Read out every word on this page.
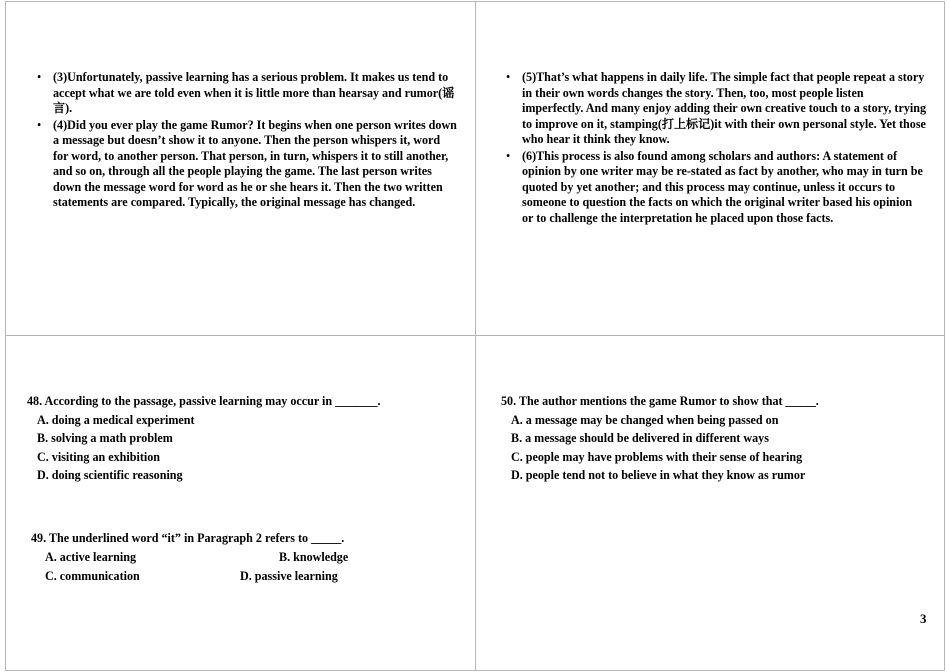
• (3)Unfortunately, passive learning has a serious problem. It makes us tend to accept what we are told even when it is little more than hearsay and rumor(谣言).
• (4)Did you ever play the game Rumor? It begins when one person writes down a message but doesn’t show it to anyone. Then the person whispers it, word for word, to another person. That person, in turn, whispers it to still another, and so on, through all the people playing the game. The last person writes down the message word for word as he or she hears it. Then the two written statements are compared. Typically, the original message has changed.
• (5)That’s what happens in daily life. The simple fact that people repeat a story in their own words changes the story. Then, too, most people listen imperfectly. And many enjoy adding their own creative touch to a story, trying to improve on it, stamping(打上标记)it with their own personal style. Yet those who hear it think they know.
• (6)This process is also found among scholars and authors: A statement of opinion by one writer may be re-stated as fact by another, who may in turn be quoted by yet another; and this process may continue, unless it occurs to someone to question the facts on which the original writer based his opinion or to challenge the interpretation he placed upon those facts.
48. According to the passage, passive learning may occur in _______.
A. doing a medical experiment
B. solving a math problem
C. visiting an exhibition
D. doing scientific reasoning
49. The underlined word “it” in Paragraph 2 refers to _____.
A. active learning	B. knowledge
C. communication	D. passive learning
50. The author mentions the game Rumor to show that _____.
A. a message may be changed when being passed on
B. a message should be delivered in different ways
C. people may have problems with their sense of hearing
D. people tend not to believe in what they know as rumor
3
